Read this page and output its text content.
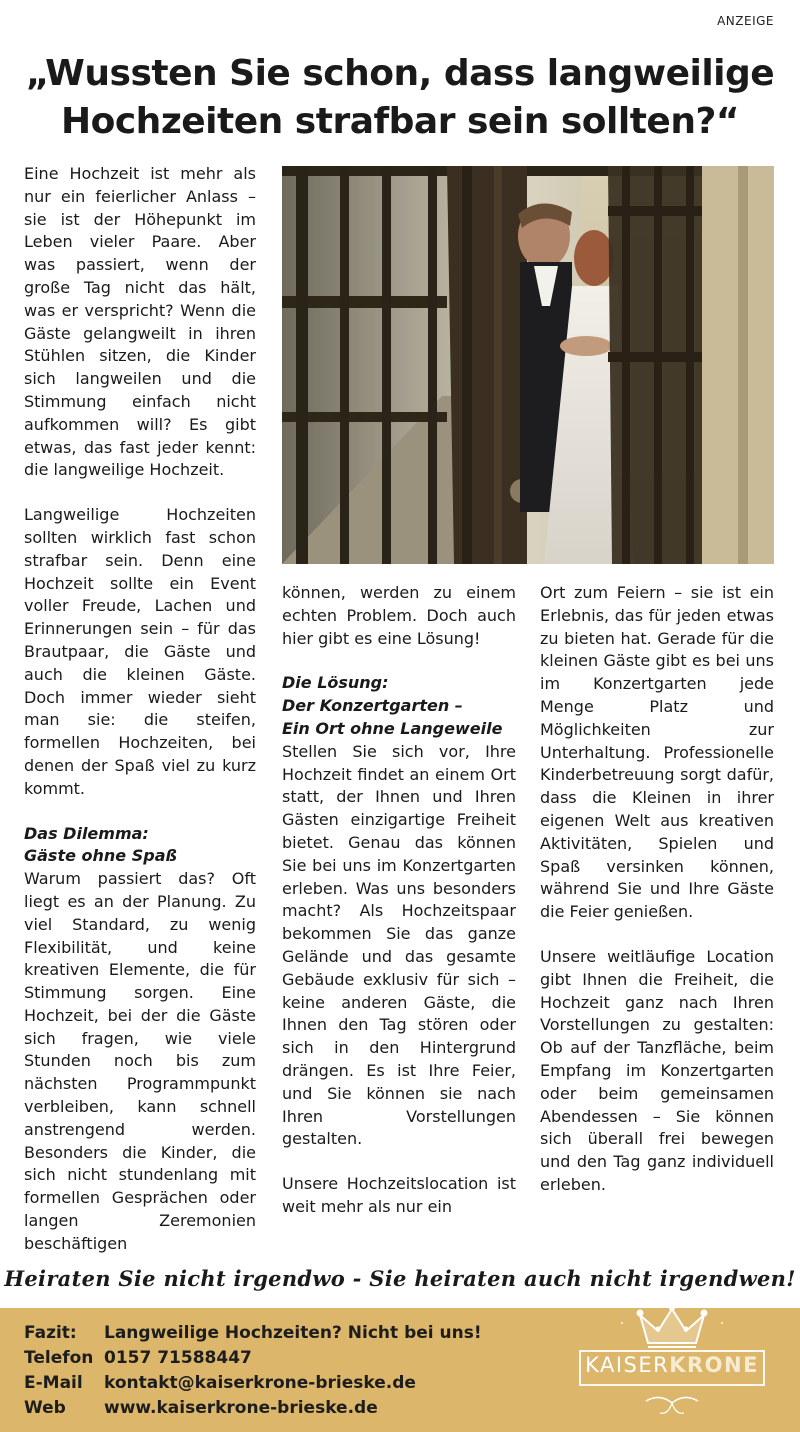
ANZEIGE
„Wussten Sie schon, dass langweilige
Hochzeiten strafbar sein sollten?“

Eine Hochzeit ist mehr als nur ein feierlicher Anlass – sie ist der Höhepunkt im Leben vieler Paare. Aber was passiert, wenn der große Tag nicht das hält, was er verspricht? Wenn die Gäste gelangweilt in ihren Stühlen sitzen, die Kinder sich langweilen und die Stimmung einfach nicht aufkommen will? Es gibt etwas, das fast jeder kennt: die langweilige Hochzeit.

Langweilige Hochzeiten sollten wirklich fast schon strafbar sein. Denn eine Hochzeit sollte ein Event voller Freude, Lachen und Erinnerungen sein – für das Brautpaar, die Gäste und auch die kleinen Gäste. Doch immer wieder sieht man sie: die steifen, formellen Hochzeiten, bei denen der Spaß viel zu kurz kommt.

Das Dilemma:
Gäste ohne Spaß

Warum passiert das? Oft liegt es an der Planung. Zu viel Standard, zu wenig Flexibilität, und keine kreativen Elemente, die für Stimmung sorgen. Eine Hochzeit, bei der die Gäste sich fragen, wie viele Stunden noch bis zum nächsten Programmpunkt verbleiben, kann schnell anstrengend werden. Besonders die Kinder, die sich nicht stundenlang mit formellen Gesprächen oder langen Zeremonien beschäftigen

können, werden zu einem echten Problem. Doch auch hier gibt es eine Lösung!

Die Lösung:
Der Konzertgarten –
Ein Ort ohne Langeweile

Stellen Sie sich vor, Ihre Hochzeit findet an einem Ort statt, der Ihnen und Ihren Gästen einzigartige Freiheit bietet. Genau das können Sie bei uns im Konzertgarten erleben. Was uns besonders macht? Als Hochzeitspaar bekommen Sie das ganze Gelände und das gesamte Gebäude exklusiv für sich – keine anderen Gäste, die Ihnen den Tag stören oder sich in den Hintergrund drängen. Es ist Ihre Feier, und Sie können sie nach Ihren Vorstellungen gestalten.

Unsere Hochzeitslocation ist weit mehr als nur ein

Ort zum Feiern – sie ist ein Erlebnis, das für jeden etwas zu bieten hat. Gerade für die kleinen Gäste gibt es bei uns im Konzertgarten jede Menge Platz und Möglichkeiten zur Unterhaltung. Professionelle Kinderbetreuung sorgt dafür, dass die Kleinen in ihrer eigenen Welt aus kreativen Aktivitäten, Spielen und Spaß versinken können, während Sie und Ihre Gäste die Feier genießen.

Unsere weitläufige Location gibt Ihnen die Freiheit, die Hochzeit ganz nach Ihren Vorstellungen zu gestalten: Ob auf der Tanzfläche, beim Empfang im Konzertgarten oder beim gemeinsamen Abendessen – Sie können sich überall frei bewegen und den Tag ganz individuell erleben.

Heiraten Sie nicht irgendwo - Sie heiraten auch nicht irgendwen!
Fazit: Langweilige Hochzeiten? Nicht bei uns!
Telefon 0157 71588447
E-Mail kontakt@kaiserkrone-brieske.de
Web www.kaiserkrone-brieske.de
KAISERKRONE
